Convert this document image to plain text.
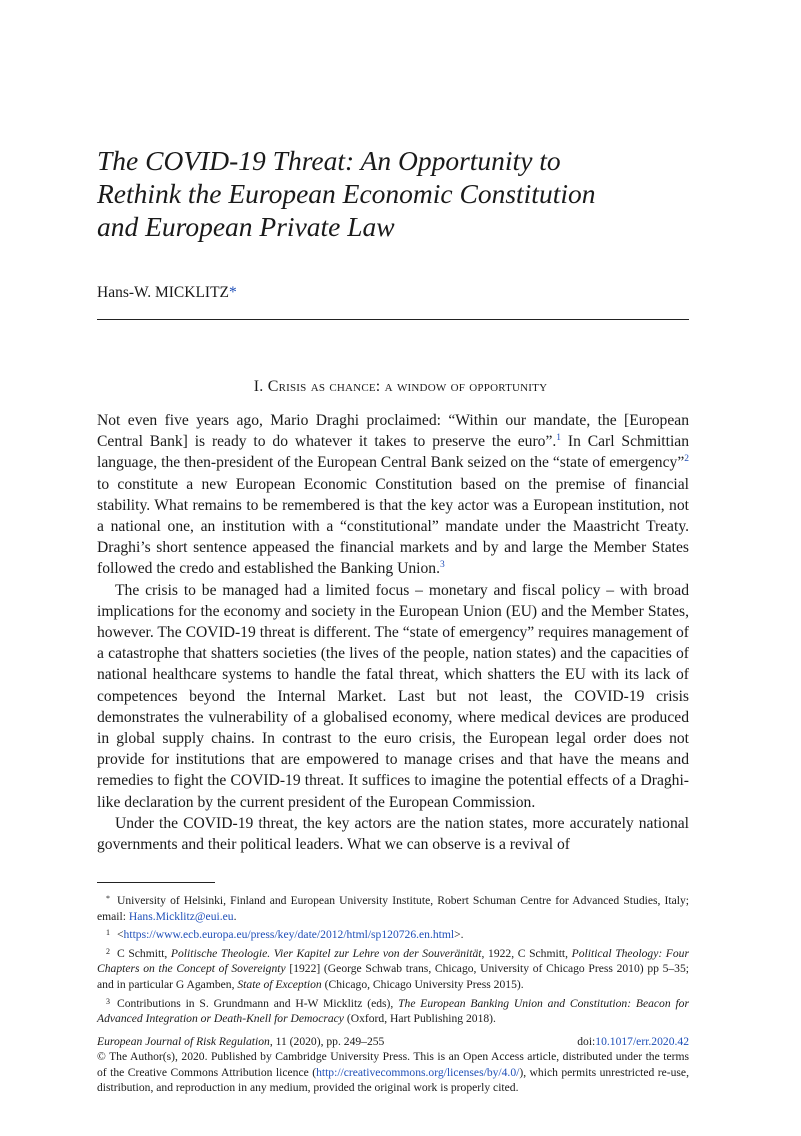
The COVID-19 Threat: An Opportunity to
Rethink the European Economic Constitution
and European Private Law
Hans-W. MICKLITZ*
I. Crisis as chance: a window of opportunity

Not even five years ago, Mario Draghi proclaimed: “Within our mandate, the [European Central Bank] is ready to do whatever it takes to preserve the euro”.$^1$ In Carl Schmittian language, the then-president of the European Central Bank seized on the “state of emergency”$^2$ to constitute a new European Economic Constitution based on the premise of financial stability. What remains to be remembered is that the key actor was a European institution, not a national one, an institution with a “constitutional” mandate under the Maastricht Treaty. Draghi’s short sentence appeased the financial markets and by and large the Member States followed the credo and established the Banking Union.$^3$

The crisis to be managed had a limited focus – monetary and fiscal policy – with broad implications for the economy and society in the European Union (EU) and the Member States, however. The COVID-19 threat is different. The “state of emergency” requires management of a catastrophe that shatters societies (the lives of the people, nation states) and the capacities of national healthcare systems to handle the fatal threat, which shatters the EU with its lack of competences beyond the Internal Market. Last but not least, the COVID-19 crisis demonstrates the vulnerability of a globalised economy, where medical devices are produced in global supply chains. In contrast to the euro crisis, the European legal order does not provide for institutions that are empowered to manage crises and that have the means and remedies to fight the COVID-19 threat. It suffices to imagine the potential effects of a Draghi-like declaration by the current president of the European Commission.

Under the COVID-19 threat, the key actors are the nation states, more accurately national governments and their political leaders. What we can observe is a revival of

* University of Helsinki, Finland and European University Institute, Robert Schuman Centre for Advanced Studies, Italy; email: Hans.Micklitz@eui.eu.

$^1$ <https://www.ecb.europa.eu/press/key/date/2012/html/sp120726.en.html>.

$^2$ C Schmitt, Politische Theologie. Vier Kapitel zur Lehre von der Souveränität, 1922, C Schmitt, Political Theology: Four Chapters on the Concept of Sovereignty [1922] (George Schwab trans, Chicago, University of Chicago Press 2010) pp 5–35; and in particular G Agamben, State of Exception (Chicago, Chicago University Press 2015).

$^3$ Contributions in S. Grundmann and H-W Micklitz (eds), The European Banking Union and Constitution: Beacon for Advanced Integration or Death-Knell for Democracy (Oxford, Hart Publishing 2018).

European Journal of Risk Regulation, 11 (2020), pp. 249–255	doi:10.1017/err.2020.42
© The Author(s), 2020. Published by Cambridge University Press. This is an Open Access article, distributed under the terms of the Creative Commons Attribution licence (http://creativecommons.org/licenses/by/4.0/), which permits unrestricted re-use, distribution, and reproduction in any medium, provided the original work is properly cited.
